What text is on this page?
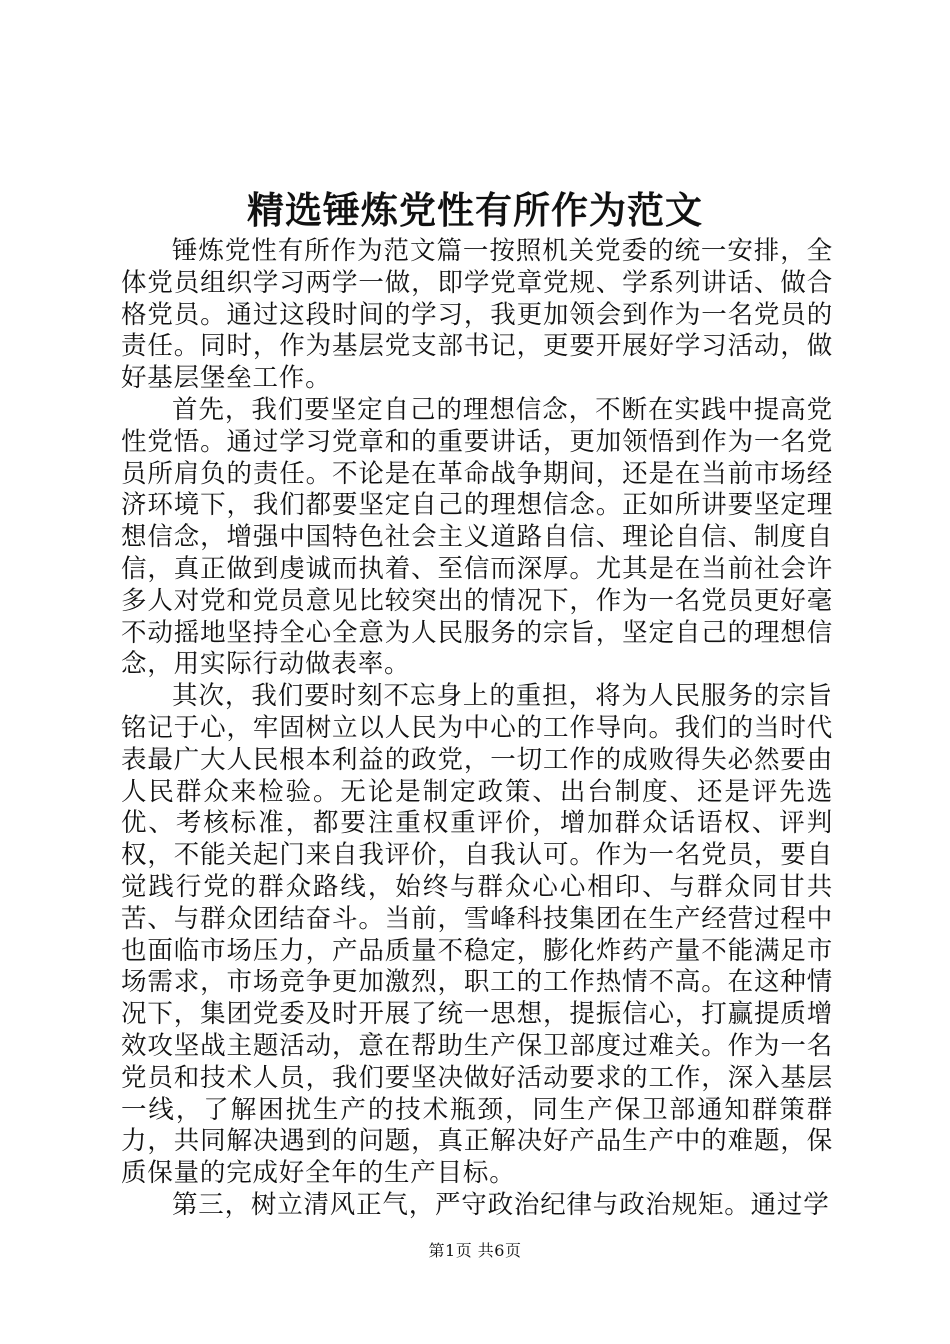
精选锤炼党性有所作为范文

锤炼党性有所作为范文篇一按照机关党委的统一安排，全体党员组织学习两学一做，即学党章党规、学系列讲话、做合格党员。通过这段时间的学习，我更加领会到作为一名党员的责任。同时，作为基层党支部书记，更要开展好学习活动，做好基层堡垒工作。

首先，我们要坚定自己的理想信念，不断在实践中提高党性党悟。通过学习党章和的重要讲话，更加领悟到作为一名党员所肩负的责任。不论是在革命战争期间，还是在当前市场经济环境下，我们都要坚定自己的理想信念。正如所讲要坚定理想信念，增强中国特色社会主义道路自信、理论自信、制度自信，真正做到虔诚而执着、至信而深厚。尤其是在当前社会许多人对党和党员意见比较突出的情况下，作为一名党员更好毫不动摇地坚持全心全意为人民服务的宗旨，坚定自己的理想信念，用实际行动做表率。

其次，我们要时刻不忘身上的重担，将为人民服务的宗旨铭记于心，牢固树立以人民为中心的工作导向。我们的当时代表最广大人民根本利益的政党，一切工作的成败得失必然要由人民群众来检验。无论是制定政策、出台制度、还是评先选优、考核标准，都要注重权重评价，增加群众话语权、评判权，不能关起门来自我评价，自我认可。作为一名党员，要自觉践行党的群众路线，始终与群众心心相印、与群众同甘共苦、与群众团结奋斗。当前，雪峰科技集团在生产经营过程中也面临市场压力，产品质量不稳定，膨化炸药产量不能满足市场需求，市场竞争更加激烈，职工的工作热情不高。在这种情况下，集团党委及时开展了统一思想，提振信心，打赢提质增效攻坚战主题活动，意在帮助生产保卫部度过难关。作为一名党员和技术人员，我们要坚决做好活动要求的工作，深入基层一线，了解困扰生产的技术瓶颈，同生产保卫部通知群策群力，共同解决遇到的问题，真正解决好产品生产中的难题，保质保量的完成好全年的生产目标。

第三，树立清风正气，严守政治纪律与政治规矩。通过学

第1页 共6页
